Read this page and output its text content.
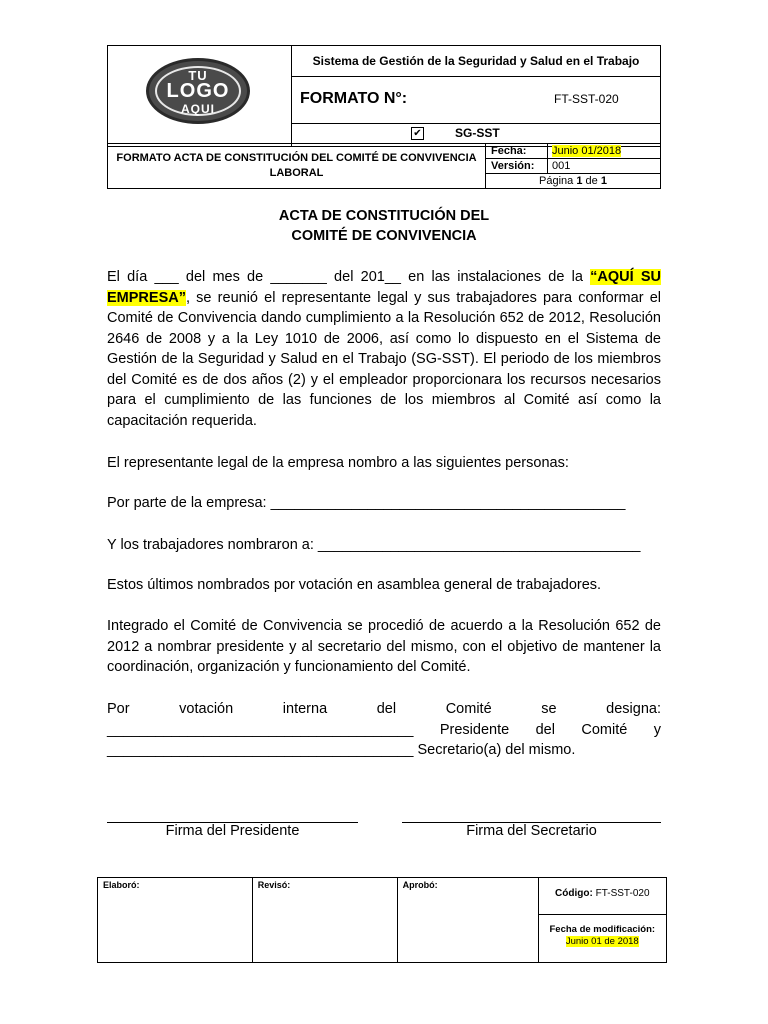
TU
LOGO
AQUI
	Sistema de Gestión de la Seguridad y Salud en el Trabajo

FORMATO N°:	FT-SST-020

✔	SG-SST
FORMATO ACTA DE CONSTITUCIÓN DEL COMITÉ DE CONVIVENCIA LABORAL	Fecha:	Junio 01/2018
	Versión:	001
	Página 1 de 1	
ACTA DE CONSTITUCIÓN DEL
COMITÉ DE CONVIVENCIA
El día ___ del mes de _______ del 201__ en las instalaciones de la “AQUÍ SU EMPRESA”, se reunió el representante legal y sus trabajadores para conformar el Comité de Convivencia dando cumplimiento a la Resolución 652 de 2012, Resolución 2646 de 2008 y a la Ley 1010 de 2006, así como lo dispuesto en el Sistema de Gestión de la Seguridad y Salud en el Trabajo (SG-SST). El periodo de los miembros del Comité es de dos años (2) y el empleador proporcionara los recursos necesarios para el cumplimiento de las funciones de los miembros al Comité así como la capacitación requerida.
El representante legal de la empresa nombro a las siguientes personas:
Por parte de la empresa: ____________________________________________
Y los trabajadores nombraron a: ________________________________________
Estos últimos nombrados por votación en asamblea general de trabajadores.
Integrado el Comité de Convivencia se procedió de acuerdo a la Resolución 652 de 2012 a nombrar presidente y al secretario del mismo, con el objetivo de mantener la coordinación, organización y funcionamiento del Comité.
Por votación interna del Comité se designa: ______________________________________ Presidente del Comité y
______________________________________ Secretario(a) del mismo.
Firma del Presidente	Firma del Secretario
Elaboró:	Revisó:	Aprobó:	
Código: FT-SST-020
Fecha de modificación:
Junio 01 de 2018
